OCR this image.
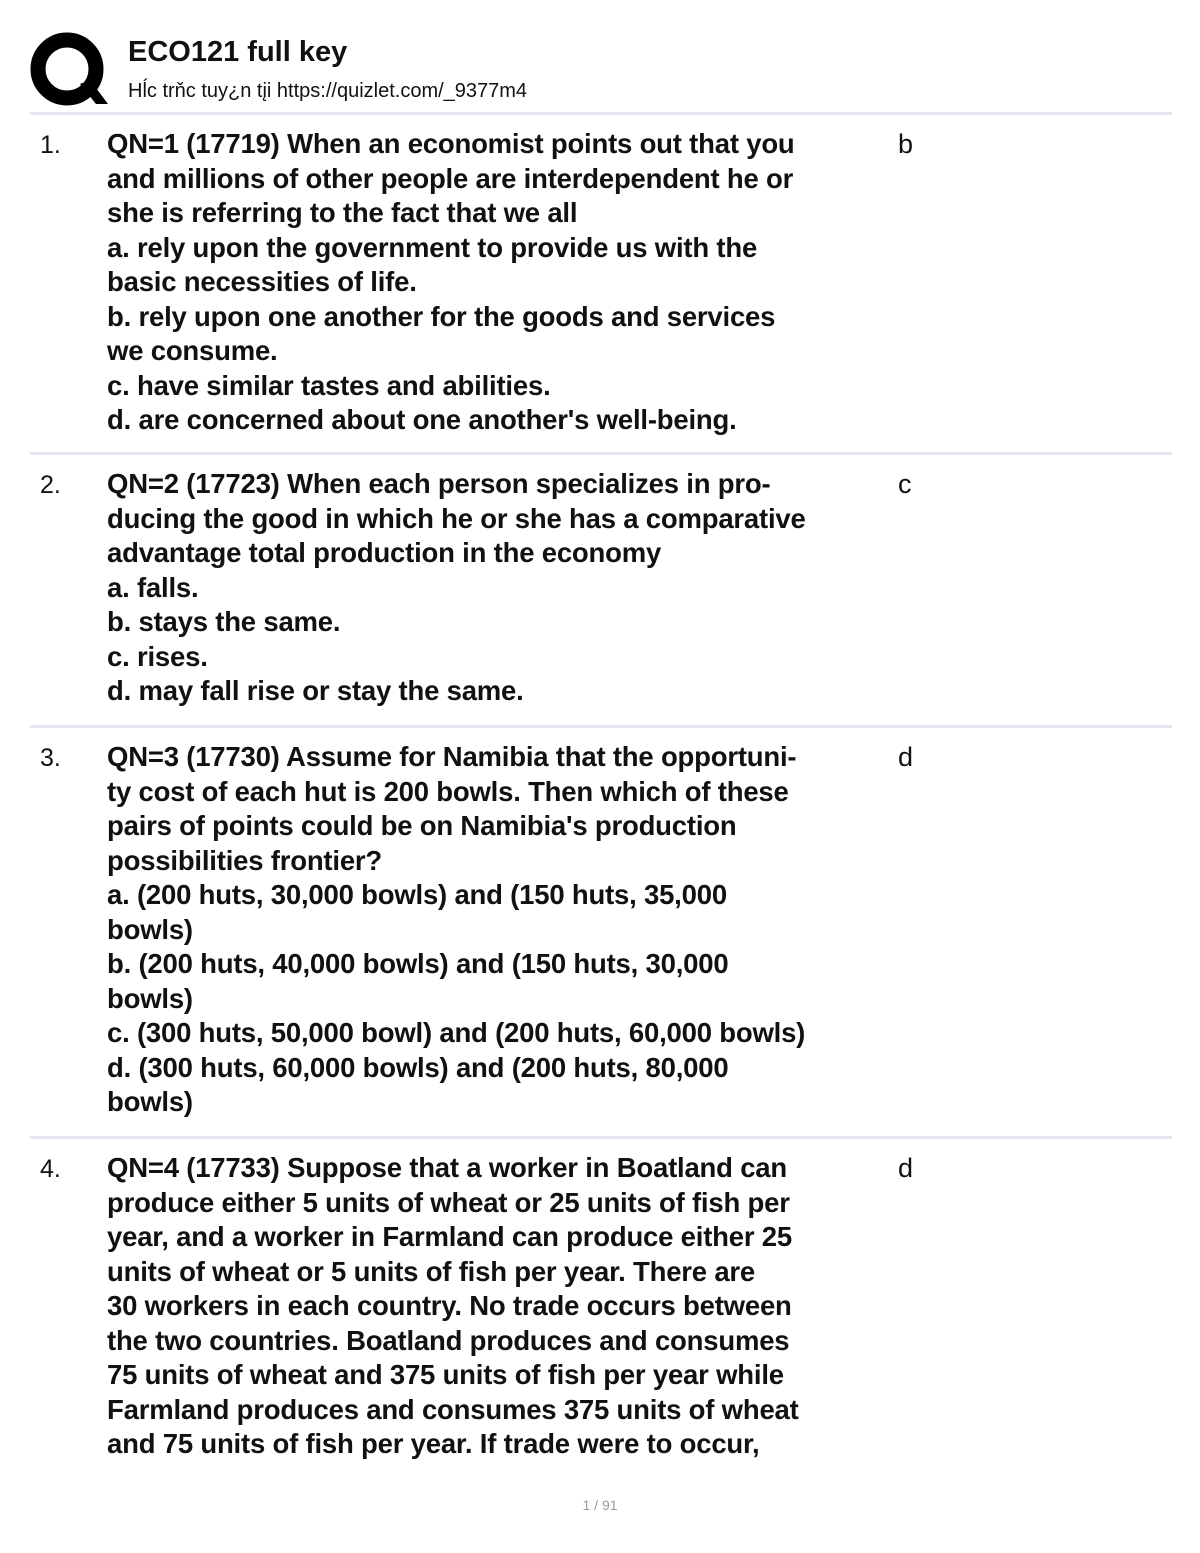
ECO121 full key
Hĺc trňc tuy¿n tįi https://quizlet.com/_9377m4
1. QN=1 (17719) When an economist points out that you
and millions of other people are interdependent he or
she is referring to the fact that we all
a. rely upon the government to provide us with the
basic necessities of life.
b. rely upon one another for the goods and services
we consume.
c. have similar tastes and abilities.
d. are concerned about one another's well-being.
b
2. QN=2 (17723) When each person specializes in pro-
ducing the good in which he or she has a comparative
advantage total production in the economy
a. falls.
b. stays the same.
c. rises.
d. may fall rise or stay the same.
c
3. QN=3 (17730) Assume for Namibia that the opportuni-
ty cost of each hut is 200 bowls. Then which of these
pairs of points could be on Namibia's production
possibilities frontier?
a. (200 huts, 30,000 bowls) and (150 huts, 35,000
bowls)
b. (200 huts, 40,000 bowls) and (150 huts, 30,000
bowls)
c. (300 huts, 50,000 bowl) and (200 huts, 60,000 bowls)
d. (300 huts, 60,000 bowls) and (200 huts, 80,000
bowls)
d
4. QN=4 (17733) Suppose that a worker in Boatland can
produce either 5 units of wheat or 25 units of fish per
year, and a worker in Farmland can produce either 25
units of wheat or 5 units of fish per year. There are
30 workers in each country. No trade occurs between
the two countries. Boatland produces and consumes
75 units of wheat and 375 units of fish per year while
Farmland produces and consumes 375 units of wheat
and 75 units of fish per year. If trade were to occur,
d
1 / 91
